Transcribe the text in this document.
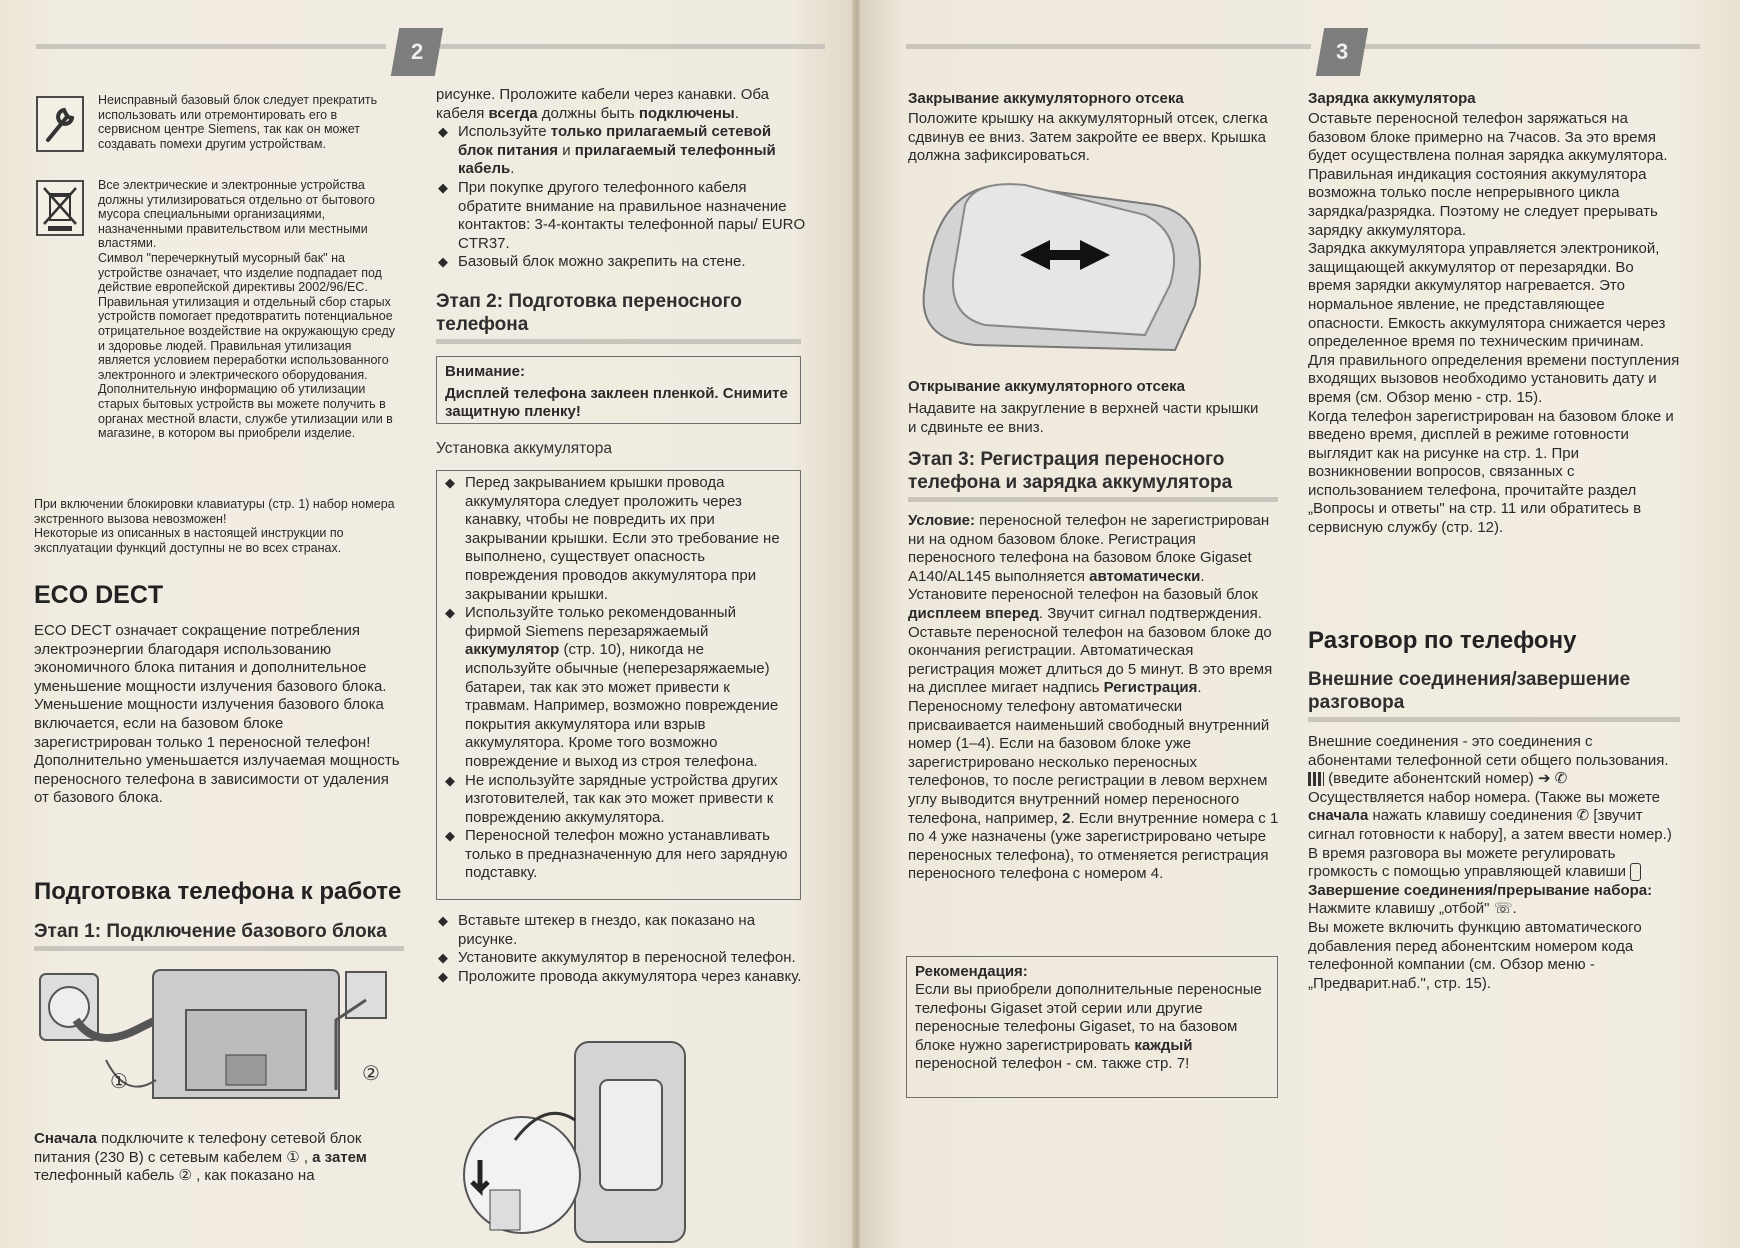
2
Неисправный базовый блок следует прекратить использовать или отремонтировать его в сервисном центре Siemens, так как он может создавать помехи другим устройствам.

Все электрические и электронные устройства должны утилизироваться отдельно от бытового мусора специальными организациями, назначенными правительством или местными властями.

Символ "перечеркнутый мусорный бак" на устройстве означает, что изделие подпадает под действие европейской директивы 2002/96/EC.

Правильная утилизация и отдельный сбор старых устройств помогает предотвратить потенциальное отрицательное воздействие на окружающую среду и здоровье людей. Правильная утилизация является условием переработки использованного электронного и электрического оборудования.

Дополнительную информацию об утилизации старых бытовых устройств вы можете получить в органах местной власти, службе утилизации или в магазине, в котором вы приобрели изделие.

При включении блокировки клавиатуры (стр. 1) набор номера экстренного вызова невозможен!

Некоторые из описанных в настоящей инструкции по эксплуатации функций доступны не во всех странах.

ECO DECT

ECO DECT означает сокращение потребления электроэнергии благодаря использованию экономичного блока питания и дополнительное уменьшение мощности излучения базового блока.

Уменьшение мощности излучения базового блока включается, если на базовом блоке зарегистрирован только 1 переносной телефон!

Дополнительно уменьшается излучаемая мощность переносного телефона в зависимости от удаления от базового блока.

Подготовка телефона к работе
Этап 1: Подключение базового блока
①	②
Сначала подключите к телефону сетевой блок питания (230 В) с сетевым кабелем ① , а затем телефонный кабель ② , как показано на

рисунке. Проложите кабели через канавки. Оба кабеля всегда должны быть подключены.

◆ Используйте только прилагаемый сетевой блок питания и прилагаемый телефонный кабель.

◆ При покупке другого телефонного кабеля обратите внимание на правильное назначение контактов: 3-4-контакты телефонной пары/ EURO CTR37.

◆ Базовый блок можно закрепить на стене.

Этап 2: Подготовка переносного телефона
Внимание:
Дисплей телефона заклеен пленкой. Снимите защитную пленку!
Установка аккумулятора

◆ Перед закрыванием крышки провода аккумулятора следует проложить через канавку, чтобы не повредить их при закрывании крышки. Если это требование не выполнено, существует опасность повреждения проводов аккумулятора при закрывании крышки.

◆ Используйте только рекомендованный фирмой Siemens перезаряжаемый аккумулятор (стр. 10), никогда не используйте обычные (неперезаряжаемые) батареи, так как это может привести к травмам. Например, возможно повреждение покрытия аккумулятора или взрыв аккумулятора. Кроме того возможно повреждение и выход из строя телефона.

◆ Не используйте зарядные устройства других изготовителей, так как это может привести к повреждению аккумулятора.

◆ Переносной телефон можно устанавливать только в предназначенную для него зарядную подставку.

◆ Вставьте штекер в гнездо, как показано на рисунке.

◆ Установите аккумулятор в переносной телефон.

◆ Проложите провода аккумулятора через канавку.

3
Закрывание аккумуляторного отсека
Положите крышку на аккумуляторный отсек, слегка сдвинув ее вниз. Затем закройте ее вверх. Крышка должна зафиксироваться.
Открывание аккумуляторного отсека
Надавите на закругление в верхней части крышки и сдвиньте ее вниз.
Этап 3: Регистрация переносного телефона и зарядка аккумулятора
Условие: переносной телефон не зарегистрирован ни на одном базовом блоке. Регистрация переносного телефона на базовом блоке Gigaset A140/AL145 выполняется автоматически. Установите переносной телефон на базовый блок дисплеем вперед. Звучит сигнал подтверждения. Оставьте переносной телефон на базовом блоке до окончания регистрации. Автоматическая регистрация может длиться до 5 минут. В это время на дисплее мигает надпись Регистрация. Переносному телефону автоматически присваивается наименьший свободный внутренний номер (1–4). Если на базовом блоке уже зарегистрировано несколько переносных телефонов, то после регистрации в левом верхнем углу выводится внутренний номер переносного телефона, например, 2. Если внутренние номера с 1 по 4 уже назначены (уже зарегистрировано четыре переносных телефона), то отменяется регистрация переносного телефона с номером 4.
Рекомендация:
Если вы приобрели дополнительные переносные телефоны Gigaset этой серии или другие переносные телефоны Gigaset, то на базовом блоке нужно зарегистрировать каждый переносной телефон - см. также стр. 7!
Зарядка аккумулятора

Оставьте переносной телефон заряжаться на базовом блоке примерно на 7часов. За это время будет осуществлена полная зарядка аккумулятора. Правильная индикация состояния аккумулятора возможна только после непрерывного цикла зарядка/разрядка. Поэтому не следует прерывать зарядку аккумулятора.

Зарядка аккумулятора управляется электроникой, защищающей аккумулятор от перезарядки. Во время зарядки аккумулятор нагревается. Это нормальное явление, не представляющее опасности. Емкость аккумулятора снижается через определенное время по техническим причинам.

Для правильного определения времени поступления входящих вызовов необходимо установить дату и время (см. Обзор меню - стр. 15).

Когда телефон зарегистрирован на базовом блоке и введено время, дисплей в режиме готовности выглядит как на рисунке на стр. 1. При возникновении вопросов, связанных с использованием телефона, прочитайте раздел „Вопросы и ответы" на стр. 11 или обратитесь в сервисную службу (стр. 12).

Разговор по телефону
Внешние соединения/завершение разговора

Внешние соединения - это соединения с абонентами телефонной сети общего пользования.

(введите абонентский номер) ➔ ✆

Осуществляется набор номера. (Также вы можете сначала нажать клавишу соединения ✆ [звучит сигнал готовности к набору], а затем ввести номер.) В время разговора вы можете регулировать громкость с помощью управляющей клавиши

Завершение соединения/прерывание набора:

Нажмите клавишу „отбой" ☏.

Вы можете включить функцию автоматического добавления перед абонентским номером кода телефонной компании (см. Обзор меню - „Предварит.наб.", стр. 15).
